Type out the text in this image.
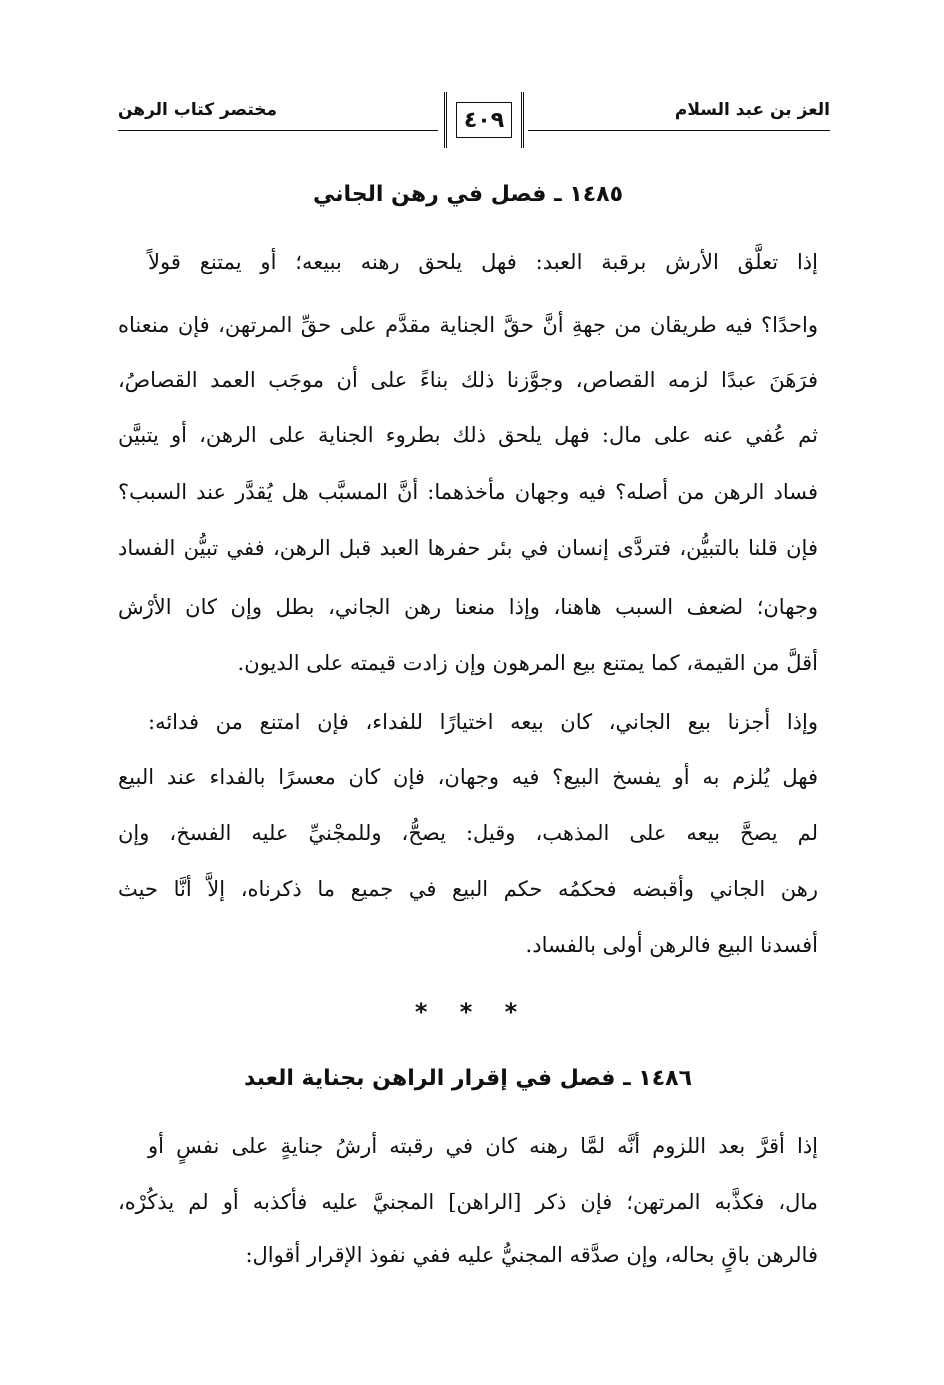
العز بن عبد السلام
مختصر كتاب الرهن	٤٠٩
١٤٨٥ ـ فصل في رهن الجاني
إذا تعلَّق الأرش برقبة العبد: فهل يلحق رهنه ببيعه؛ أو يمتنع قولاً
واحدًا؟ فيه طريقان من جهةِ أنَّ حقَّ الجناية مقدَّم على حقِّ المرتهن، فإن منعناه
فرَهَنَ عبدًا لزمه القصاص، وجوَّزنا ذلك بناءً على أن موجَب العمد القصاصُ،
ثم عُفي عنه على مال: فهل يلحق ذلك بطروء الجناية على الرهن، أو يتبيَّن
فساد الرهن من أصله؟ فيه وجهان مأخذهما: أنَّ المسبَّب هل يُقدَّر عند السبب؟
فإن قلنا بالتبيُّن، فتردَّى إنسان في بئر حفرها العبد قبل الرهن، ففي تبيُّن الفساد
وجهان؛ لضعف السبب هاهنا، وإذا منعنا رهن الجاني، بطل وإن كان الأرْش
أقلَّ من القيمة، كما يمتنع بيع المرهون وإن زادت قيمته على الديون.
وإذا أجزنا بيع الجاني، كان بيعه اختيارًا للفداء، فإن امتنع من فدائه:
فهل يُلزم به أو يفسخ البيع؟ فيه وجهان، فإن كان معسرًا بالفداء عند البيع
لم يصحَّ بيعه على المذهب، وقيل: يصحُّ، وللمجْنيِّ عليه الفسخ، وإن
رهن الجاني وأقبضه فحكمُه حكم البيع في جميع ما ذكرناه، إلاَّ أنَّا حيث
أفسدنا البيع فالرهن أولى بالفساد.
* * *
١٤٨٦ ـ فصل في إقرار الراهن بجناية العبد
إذا أقرَّ بعد اللزوم أنَّه لمَّا رهنه كان في رقبته أرشُ جنايةٍ على نفسٍ أو
مال، فكذَّبه المرتهن؛ فإن ذكر [الراهن] المجنيَّ عليه فأكذبه أو لم يذكُرْه،
فالرهن باقٍ بحاله، وإن صدَّقه المجنيُّ عليه ففي نفوذ الإقرار أقوال:
